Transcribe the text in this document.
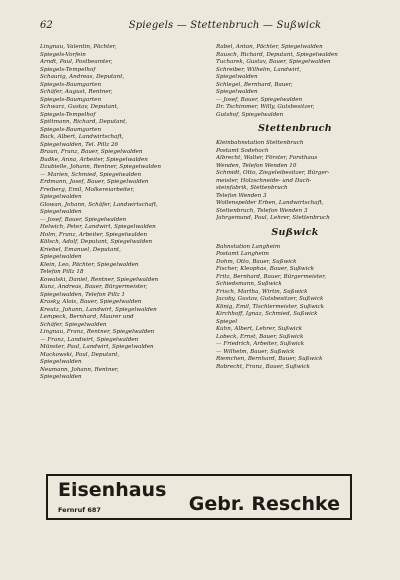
62	Spiegels — Stettenbruch — Sußwick
Lingnau, Valentin, Pächter,
Spiegels-Vorfein
Arndt, Paul, Postbeamter,
Spiegels-Tempelhof
Schaurig, Andreas, Deputant,
Spiegels-Baumgarten
Schäfer, August, Rentner,
Spiegels-Baumgarten
Schwarz, Gustav, Deputant,
Spiegels-Tempelhof
Spittmann, Richard, Deputant,
Spiegels-Baumgarten
Back, Albert, Landwirtschaft,
Spiegelwalden, Tel. Pillz 26
Braun, Franz, Bauer, Spiegelwalden
Budke, Anna, Arbeiter, Spiegelwalden
Dzubielle, Johann, Rentner, Spiegelwalden
— Marien, Schmied, Spiegelwalden
Erdmann, Josef, Bauer, Spiegelwalden
Freiberg, Emil, Molkereiarbeiter,
Spiegelwalden
Glowan, Johann, Schäfer, Landwirtschaft,
Spiegelwalden
— Josef, Bauer, Spiegelwalden
Helwich, Peter, Landwirt, Spiegelwalden
Holm, Franz, Arbeiter, Spiegelwalden
Kölsch, Adolf, Deputant, Spiegelwalden
Kriebel, Emanuel, Deputant,
Spiegelwalden
Klein, Leo, Pächter, Spiegelwalden
Telefon Pillz 18
Kowalski, Daniel, Rentner, Spiegelwalden
Kunz, Andreas, Bauer, Bürgermeister,
Spiegelwalden, Telefon Pillz 1
Krasky, Alois, Bauer, Spiegelwalden
Kreutz, Johann, Landwirt, Spiegelwalden
Lempeck, Bernhard, Maurer und
Schäfer, Spiegelwalden
Lingnau, Franz, Rentner, Spiegelwalden
— Franz, Landwirt, Spiegelwalden
Münster, Paul, Landwirt, Spiegelwalden
Mackowski, Paul, Deputant,
Spiegelwalden
Neumann, Johann, Rentner,
Spiegelwalden
Rabel, Anton, Pächter, Spiegelwalden
Rausch, Richard, Deputant, Spiegelwalden
Tucharek, Gustav, Bauer, Spiegelwalden
Schreiber, Wilhelm, Landwirt,
Spiegelwalden
Schlegel, Bernhard, Bauer,
Spiegelwalden
— Josef, Bauer, Spiegelwalden
Dr. Tschimmer, Willy, Gutsbesitzer,
Gutshof, Spiegelwalden
Stettenbruch
Kleinbahnstation Stettenbruch
Postamt Sodehoch
Albrecht, Walter, Förster, Forsthaus
Wenden, Telefon Wenden 10
Schmidt, Otto, Ziegeleibesitzer, Bürger-
meister, Holzschneide- und Dach-
steinfabrik, Stettenbruch
Telefon Wenden 3
Wollenspelder Erben, Landwirtschaft,
Stettenbruch, Telefon Wenden 3
Jahrgemund, Paul, Lehrer, Stettenbruch
Sußwick
Bahnstation Langheim
Postamt Langheim
Dohm, Otto, Bauer, Sußwick
Fischer, Kleophas, Bauer, Sußwick
Fritz, Bernhard, Bauer, Bürgermeister,
Schiedsmann, Sußwick
Frisch, Martha, Wirtin, Sußwick
Jacoby, Gustav, Gutsbesitzer, Sußwick
König, Emil, Tischlermeister, Sußwick
Kirchhoff, Ignaz, Schmied, Sußwick
Spiegel
Kuhn, Albert, Lehrer, Sußwick
Lobeck, Ernst, Bauer, Sußwick
— Friedrich, Arbeiter, Sußwick
— Wilhelm, Bauer, Sußwick
Riemchen, Bernhard, Bauer, Sußwick
Robrecht, Franz, Bauer, Sußwick
Eisenhaus
Gebr. Reschke
Fernruf 687
